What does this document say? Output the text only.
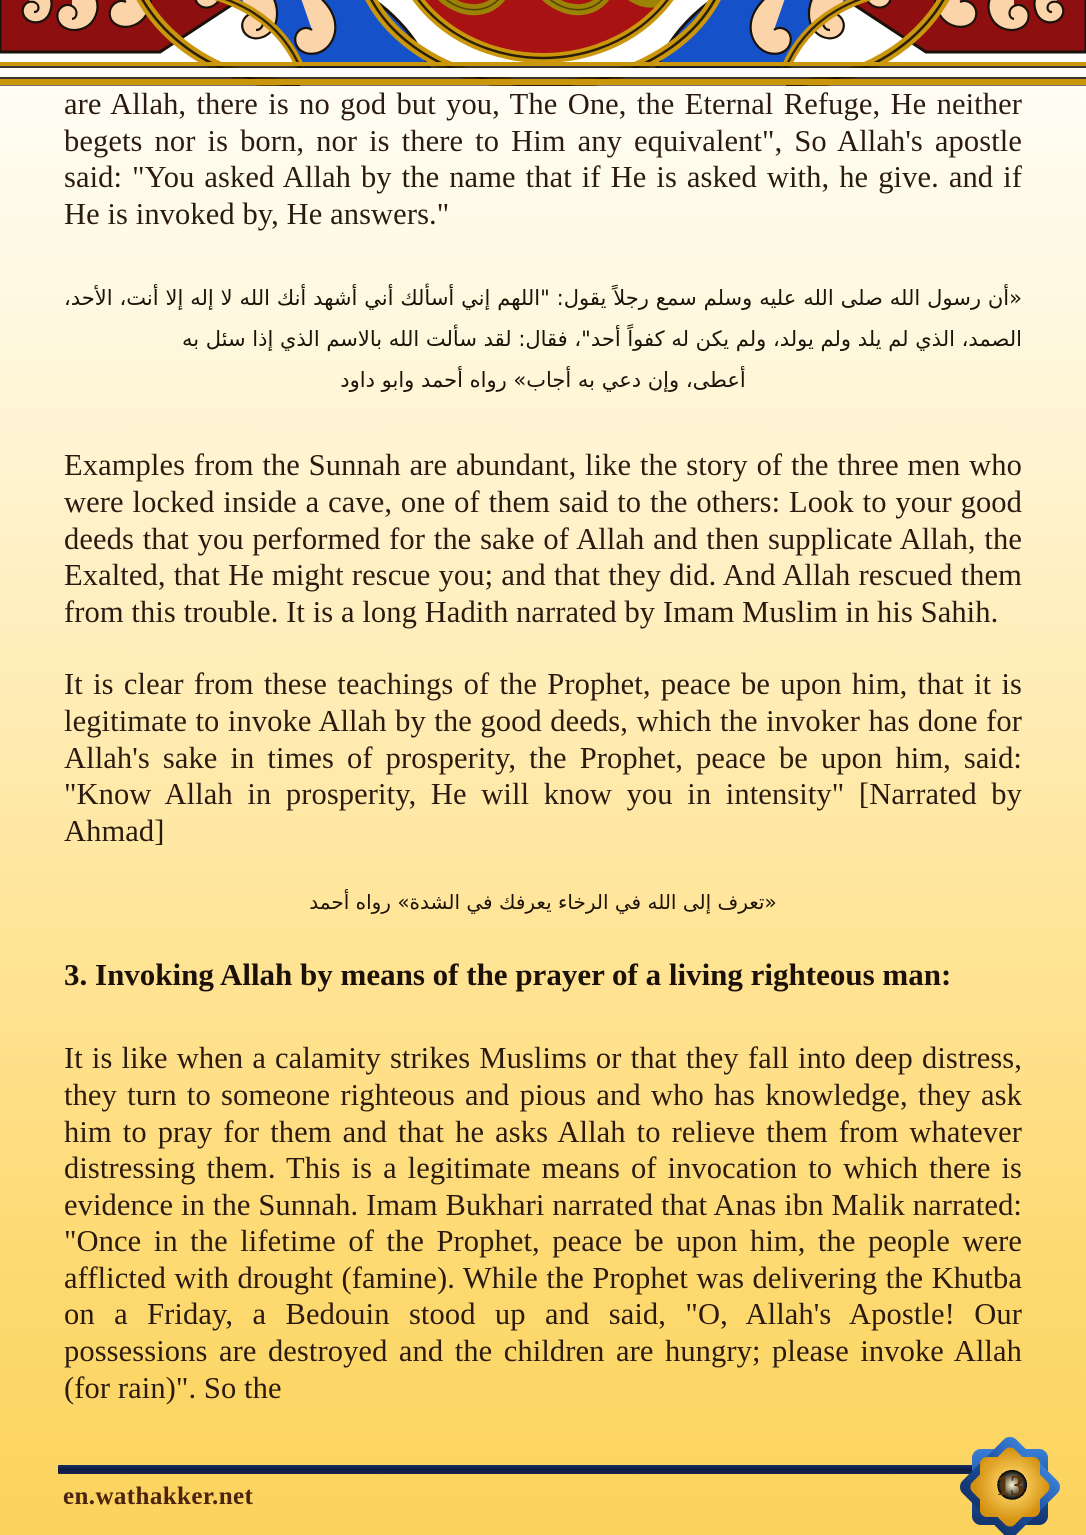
are Allah, there is no god but you, The One, the Eternal Refuge, He neither begets nor is born, nor is there to Him any equivalent", So Allah's apostle said: "You asked Allah by the name that if He is asked with, he give. and if He is invoked by, He answers."

«أن رسول الله صلى الله عليه وسلم سمع رجلاً يقول: "اللهم إني أسألك أني أشهد أنك الله لا إله إلا أنت، الأحد، الصمد، الذي لم يلد ولم يولد، ولم يكن له كفواً أحد"، فقال: لقد سألت الله بالاسم الذي إذا سئل به
أعطى، وإن دعي به أجاب» رواه أحمد وابو داود

Examples from the Sunnah are abundant, like the story of the three men who were locked inside a cave, one of them said to the others: Look to your good deeds that you performed for the sake of Allah and then supplicate Allah, the Exalted, that He might rescue you; and that they did. And Allah rescued them from this trouble. It is a long Hadith narrated by Imam Muslim in his Sahih.

It is clear from these teachings of the Prophet, peace be upon him, that it is legitimate to invoke Allah by the good deeds, which the invoker has done for Allah's sake in times of prosperity, the Prophet, peace be upon him, said: "Know Allah in prosperity, He will know you in intensity" [Narrated by Ahmad]

«تعرف إلى الله في الرخاء يعرفك في الشدة» رواه أحمد

3. Invoking Allah by means of the prayer of a living righteous man:

It is like when a calamity strikes Muslims or that they fall into deep distress, they turn to someone righteous and pious and who has knowledge, they ask him to pray for them and that he asks Allah to relieve them from whatever distressing them. This is a legitimate means of invocation to which there is evidence in the Sunnah. Imam Bukhari narrated that Anas ibn Malik narrated: "Once in the lifetime of the Prophet, peace be upon him, the people were afflicted with drought (famine). While the Prophet was delivering the Khutba on a Friday, a Bedouin stood up and said, "O, Allah's Apostle! Our possessions are destroyed and the children are hungry; please invoke Allah (for rain)". So the

en.wathakker.net	13
